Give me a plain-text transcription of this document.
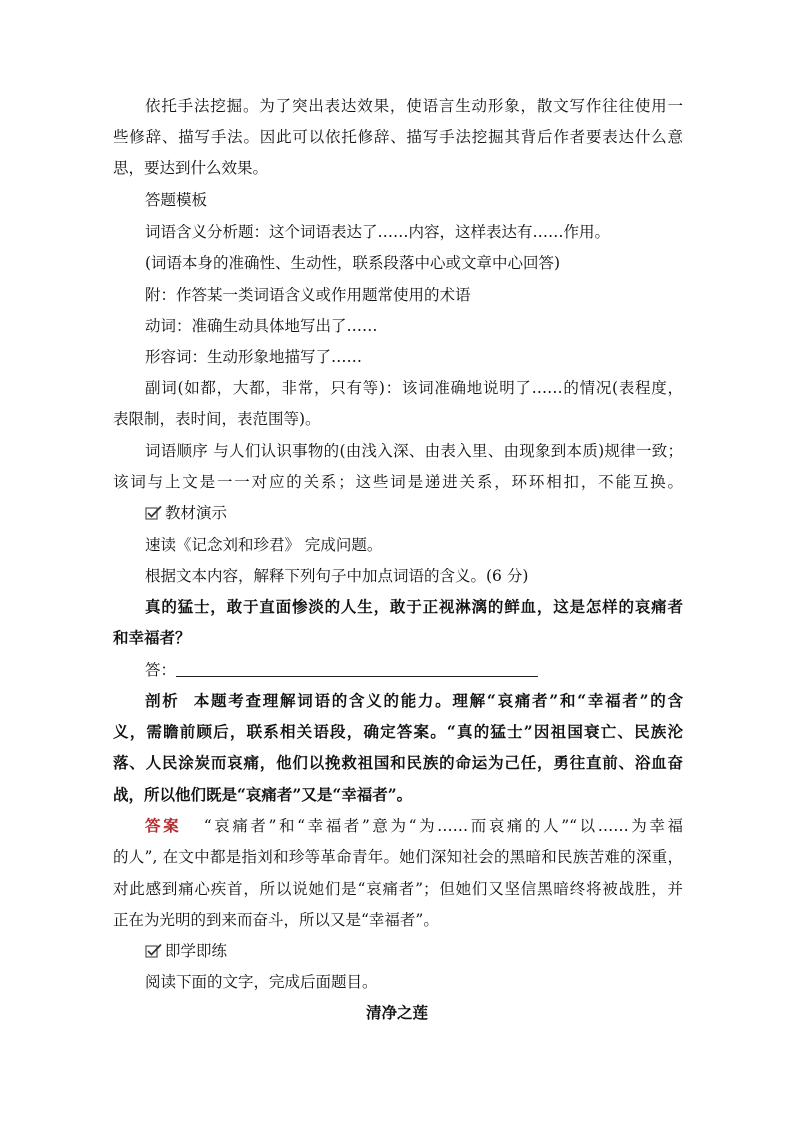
依托手法挖掘。为了突出表达效果，使语言生动形象，散文写作往往使用一
些修辞、描写手法。因此可以依托修辞、描写手法挖掘其背后作者要表达什么意
思，要达到什么效果。
答题模板
词语含义分析题：这个词语表达了……内容，这样表达有……作用。
(词语本身的准确性、生动性，联系段落中心或文章中心回答)
附：作答某一类词语含义或作用题常使用的术语
动词：准确生动具体地写出了……
形容词：生动形象地描写了……
副词(如都，大都，非常，只有等)：该词准确地说明了……的情况(表程度，
表限制，表时间，表范围等)。
词语顺序 与人们认识事物的(由浅入深、由表入里、由现象到本质)规律一致；
该词与上文是一一对应的关系；这些词是递进关系，环环相扣，不能互换。
教材演示
速读《记念刘和珍君》 完成问题。
根据文本内容，解释下列句子中加点词语的含义。(6 分)
真的猛士，敢于直面惨淡的人生，敢于正视淋漓的鲜血，这是怎样的哀痛者
和幸福者？
答：
剖析 本题考查理解词语的含义的能力。理解“哀痛者”和“幸福者”的含
义，需瞻前顾后，联系相关语段，确定答案。“真的猛士”因祖国衰亡、民族沦
落、人民涂炭而哀痛，他们以挽救祖国和民族的命运为己任，勇往直前、浴血奋
战，所以他们既是“哀痛者”又是“幸福者”。
答案 “哀痛者”和“幸福者”意为“为……而哀痛的人”“以……为幸福
的人”, 在文中都是指刘和珍等革命青年。她们深知社会的黑暗和民族苦难的深重，
对此感到痛心疾首，所以说她们是“哀痛者”；但她们又坚信黑暗终将被战胜，并
正在为光明的到来而奋斗，所以又是“幸福者”。
即学即练
阅读下面的文字，完成后面题目。
清净之莲
